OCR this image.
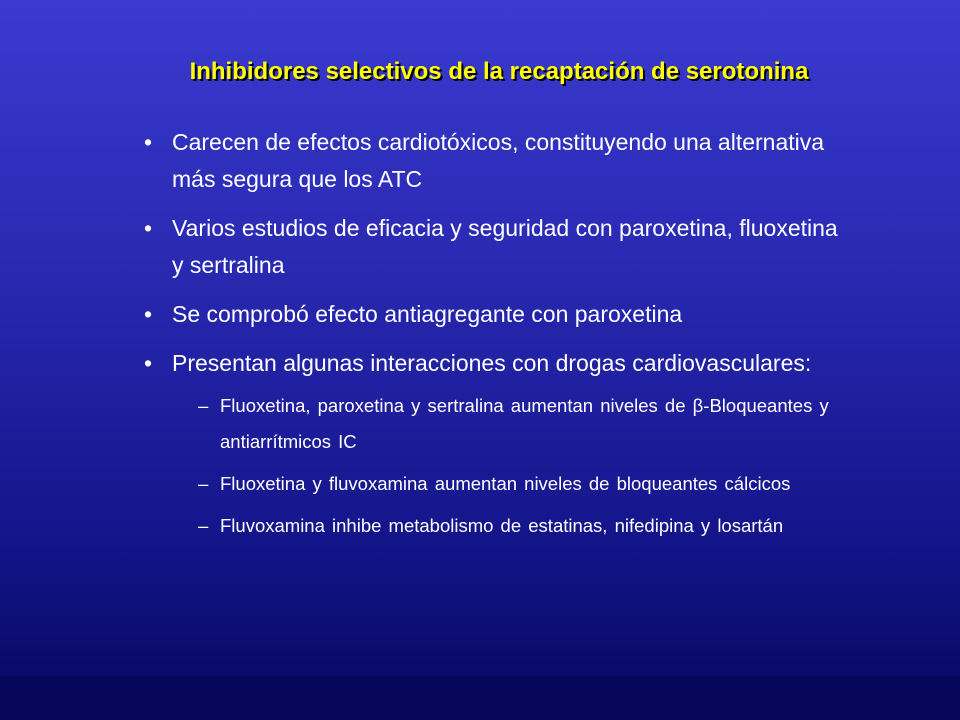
Inhibidores selectivos de la recaptación de serotonina
• Carecen de efectos cardiotóxicos, constituyendo una alternativa más segura que los ATC
• Varios estudios de eficacia y seguridad con paroxetina, fluoxetina y sertralina
• Se comprobó efecto antiagregante con paroxetina
• Presentan algunas interacciones con drogas cardiovasculares:
– Fluoxetina, paroxetina y sertralina aumentan niveles de β-Bloqueantes y antiarrítmicos IC
– Fluoxetina y fluvoxamina aumentan niveles de bloqueantes cálcicos
– Fluvoxamina inhibe metabolismo de estatinas, nifedipina y losartán
